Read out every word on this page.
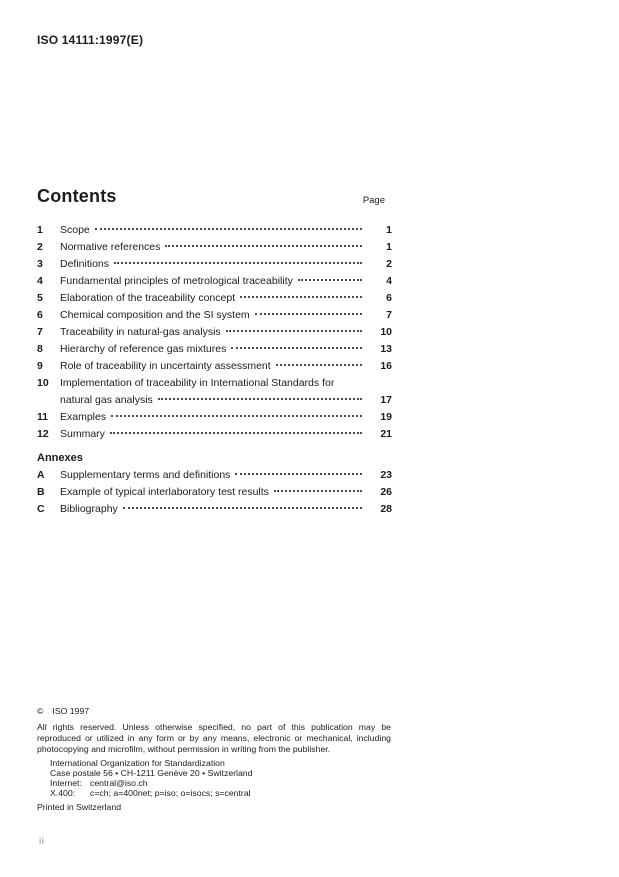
ISO 14111:1997(E)
Contents	Page
1	Scope	1
2	Normative references	1
3	Definitions	2
4	Fundamental principles of metrological traceability	4
5	Elaboration of the traceability concept	6
6	Chemical composition and the SI system	7
7	Traceability in natural-gas analysis	10
8	Hierarchy of reference gas mixtures	13
9	Role of traceability in uncertainty assessment	16
10	Implementation of traceability in International Standards for
natural gas analysis	17
11	Examples	19
12	Summary	21
Annexes
A	Supplementary terms and definitions	23
B	Example of typical interlaboratory test results	26
C	Bibliography	28
© ISO 1997
All rights reserved. Unless otherwise specified, no part of this publication may be reproduced or utilized in any form or by any means, electronic or mechanical, including photocopying and microfilm, without permission in writing from the publisher.
International Organization for Standardization
Case postale 56 • CH-1211 Genève 20 • Switzerland
Internet: central@iso.ch
X.400:	c=ch; a=400net; p=iso; o=isocs; s=central
Printed in Switzerland
ii
